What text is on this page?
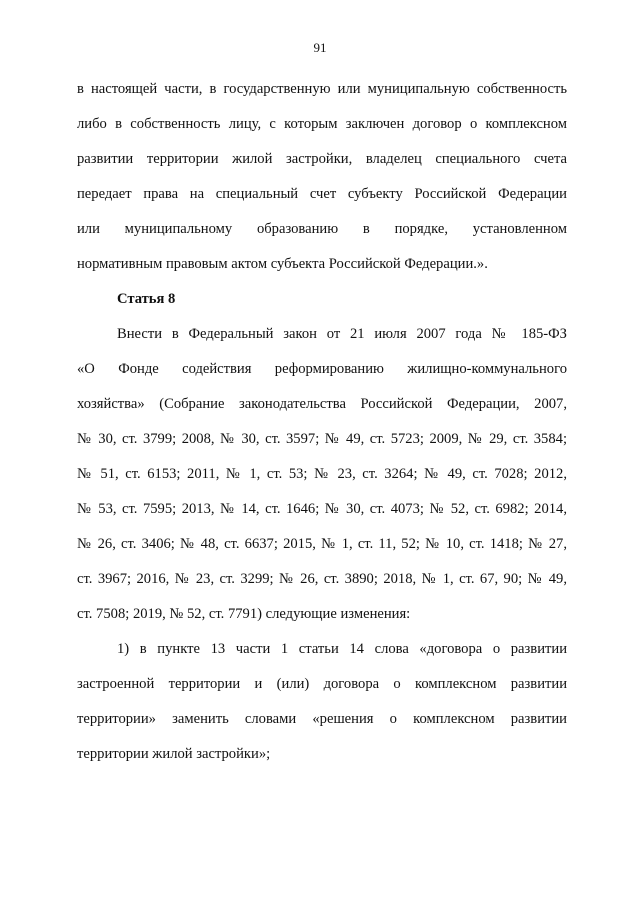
91
в настоящей части, в государственную или муниципальную собственность
либо в собственность лицу, с которым заключен договор о комплексном
развитии территории жилой застройки, владелец специального счета
передает права на специальный счет субъекту Российской Федерации
или муниципальному образованию в порядке, установленном
нормативным правовым актом субъекта Российской Федерации.».
Статья 8
Внести в Федеральный закон от 21 июля 2007 года № 185-ФЗ
«О Фонде содействия реформированию жилищно-коммунального
хозяйства» (Собрание законодательства Российской Федерации, 2007,
№ 30, ст. 3799; 2008, № 30, ст. 3597; № 49, ст. 5723; 2009, № 29, ст. 3584;
№ 51, ст. 6153; 2011, № 1, ст. 53; № 23, ст. 3264; № 49, ст. 7028; 2012,
№ 53, ст. 7595; 2013, № 14, ст. 1646; № 30, ст. 4073; № 52, ст. 6982; 2014,
№ 26, ст. 3406; № 48, ст. 6637; 2015, № 1, ст. 11, 52; № 10, ст. 1418; № 27,
ст. 3967; 2016, № 23, ст. 3299; № 26, ст. 3890; 2018, № 1, ст. 67, 90; № 49,
ст. 7508; 2019, № 52, ст. 7791) следующие изменения:
1) в пункте 13 части 1 статьи 14 слова «договора о развитии
застроенной территории и (или) договора о комплексном развитии
территории» заменить словами «решения о комплексном развитии
территории жилой застройки»;
